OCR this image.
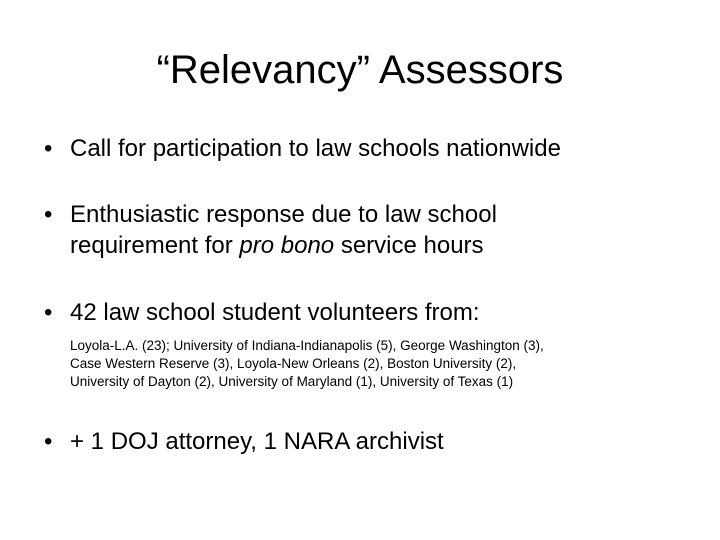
“Relevancy” Assessors
• Call for participation to law schools nationwide
• Enthusiastic response due to law school
requirement for pro bono service hours
• 42 law school student volunteers from:
Loyola-L.A. (23); University of Indiana-Indianapolis (5), George Washington (3),
Case Western Reserve (3), Loyola-New Orleans (2), Boston University (2),
University of Dayton (2), University of Maryland (1), University of Texas (1)
• + 1 DOJ attorney, 1 NARA archivist
